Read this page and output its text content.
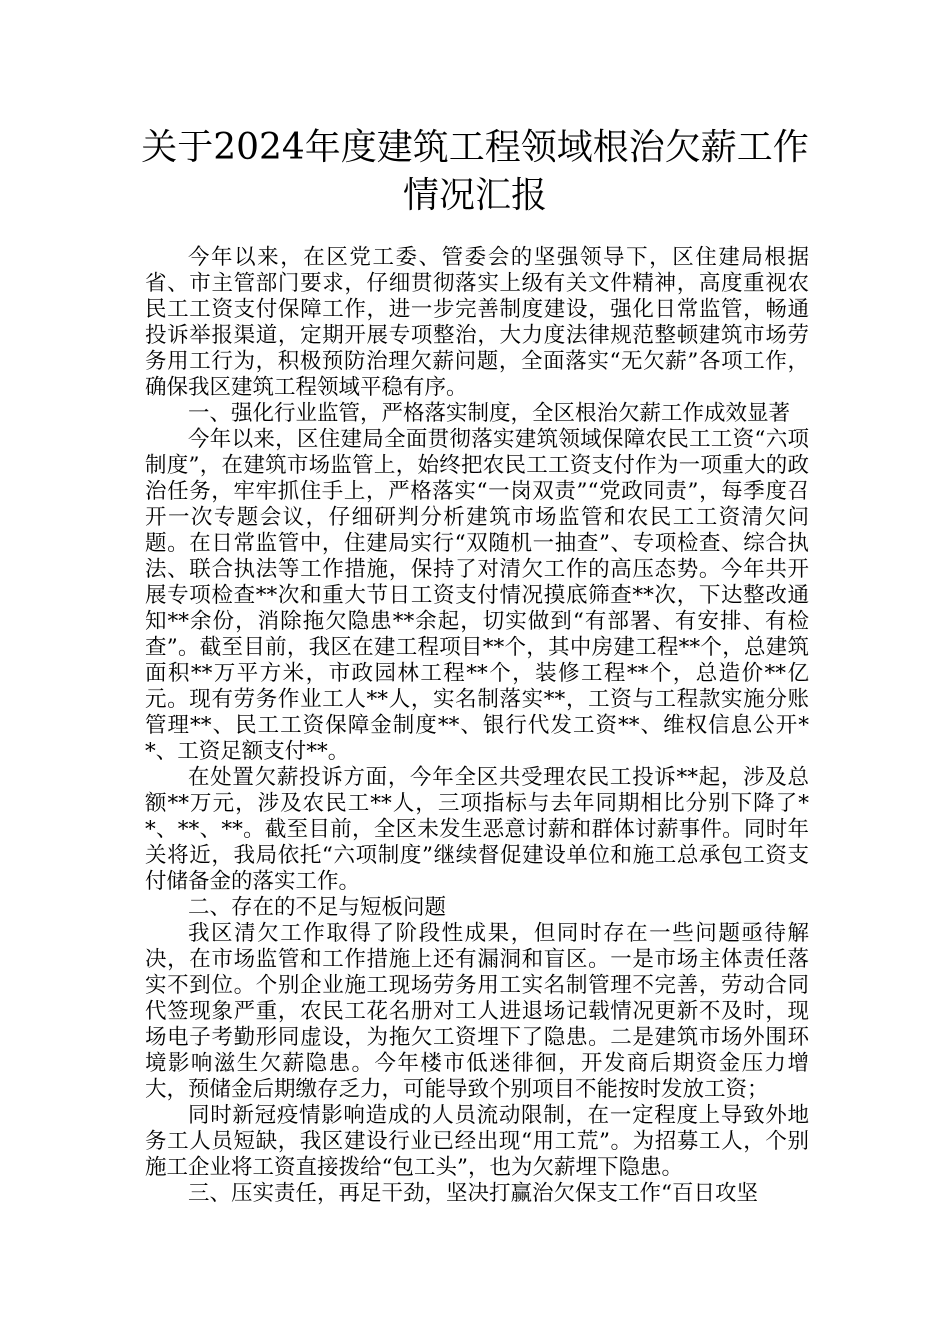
关于2024年度建筑工程领域根治欠薪工作
情况汇报

今年以来，在区党工委、管委会的坚强领导下，区住建局根据省、市主管部门要求，仔细贯彻落实上级有关文件精神，高度重视农民工工资支付保障工作，进一步完善制度建设，强化日常监管，畅通投诉举报渠道，定期开展专项整治，大力度法律规范整顿建筑市场劳务用工行为，积极预防治理欠薪问题，全面落实“无欠薪”各项工作，确保我区建筑工程领域平稳有序。

一、强化行业监管，严格落实制度，全区根治欠薪工作成效显著

今年以来，区住建局全面贯彻落实建筑领域保障农民工工资“六项制度”，在建筑市场监管上，始终把农民工工资支付作为一项重大的政治任务，牢牢抓住手上，严格落实“一岗双责”“党政同责”，每季度召开一次专题会议，仔细研判分析建筑市场监管和农民工工资清欠问题。在日常监管中，住建局实行“双随机一抽查”、专项检查、综合执法、联合执法等工作措施，保持了对清欠工作的高压态势。今年共开展专项检查**次和重大节日工资支付情况摸底筛查**次，下达整改通知**余份，消除拖欠隐患**余起，切实做到“有部署、有安排、有检查”。截至目前，我区在建工程项目**个，其中房建工程**个，总建筑面积**万平方米，市政园林工程**个，装修工程**个，总造价**亿元。现有劳务作业工人**人，实名制落实**，工资与工程款实施分账管理**、民工工资保障金制度**、银行代发工资**、维权信息公开**、工资足额支付**。

在处置欠薪投诉方面，今年全区共受理农民工投诉**起，涉及总额**万元，涉及农民工**人，三项指标与去年同期相比分别下降了**、**、**。截至目前，全区未发生恶意讨薪和群体讨薪事件。同时年关将近，我局依托“六项制度”继续督促建设单位和施工总承包工资支付储备金的落实工作。

二、存在的不足与短板问题

我区清欠工作取得了阶段性成果，但同时存在一些问题亟待解决，在市场监管和工作措施上还有漏洞和盲区。一是市场主体责任落实不到位。个别企业施工现场劳务用工实名制管理不完善，劳动合同代签现象严重，农民工花名册对工人进退场记载情况更新不及时，现场电子考勤形同虚设，为拖欠工资埋下了隐患。二是建筑市场外围环境影响滋生欠薪隐患。今年楼市低迷徘徊，开发商后期资金压力增大，预储金后期缴存乏力，可能导致个别项目不能按时发放工资；

同时新冠疫情影响造成的人员流动限制，在一定程度上导致外地务工人员短缺，我区建设行业已经出现“用工荒”。为招募工人，个别施工企业将工资直接拨给“包工头”，也为欠薪埋下隐患。

三、压实责任，再足干劲，坚决打赢治欠保支工作“百日攻坚
